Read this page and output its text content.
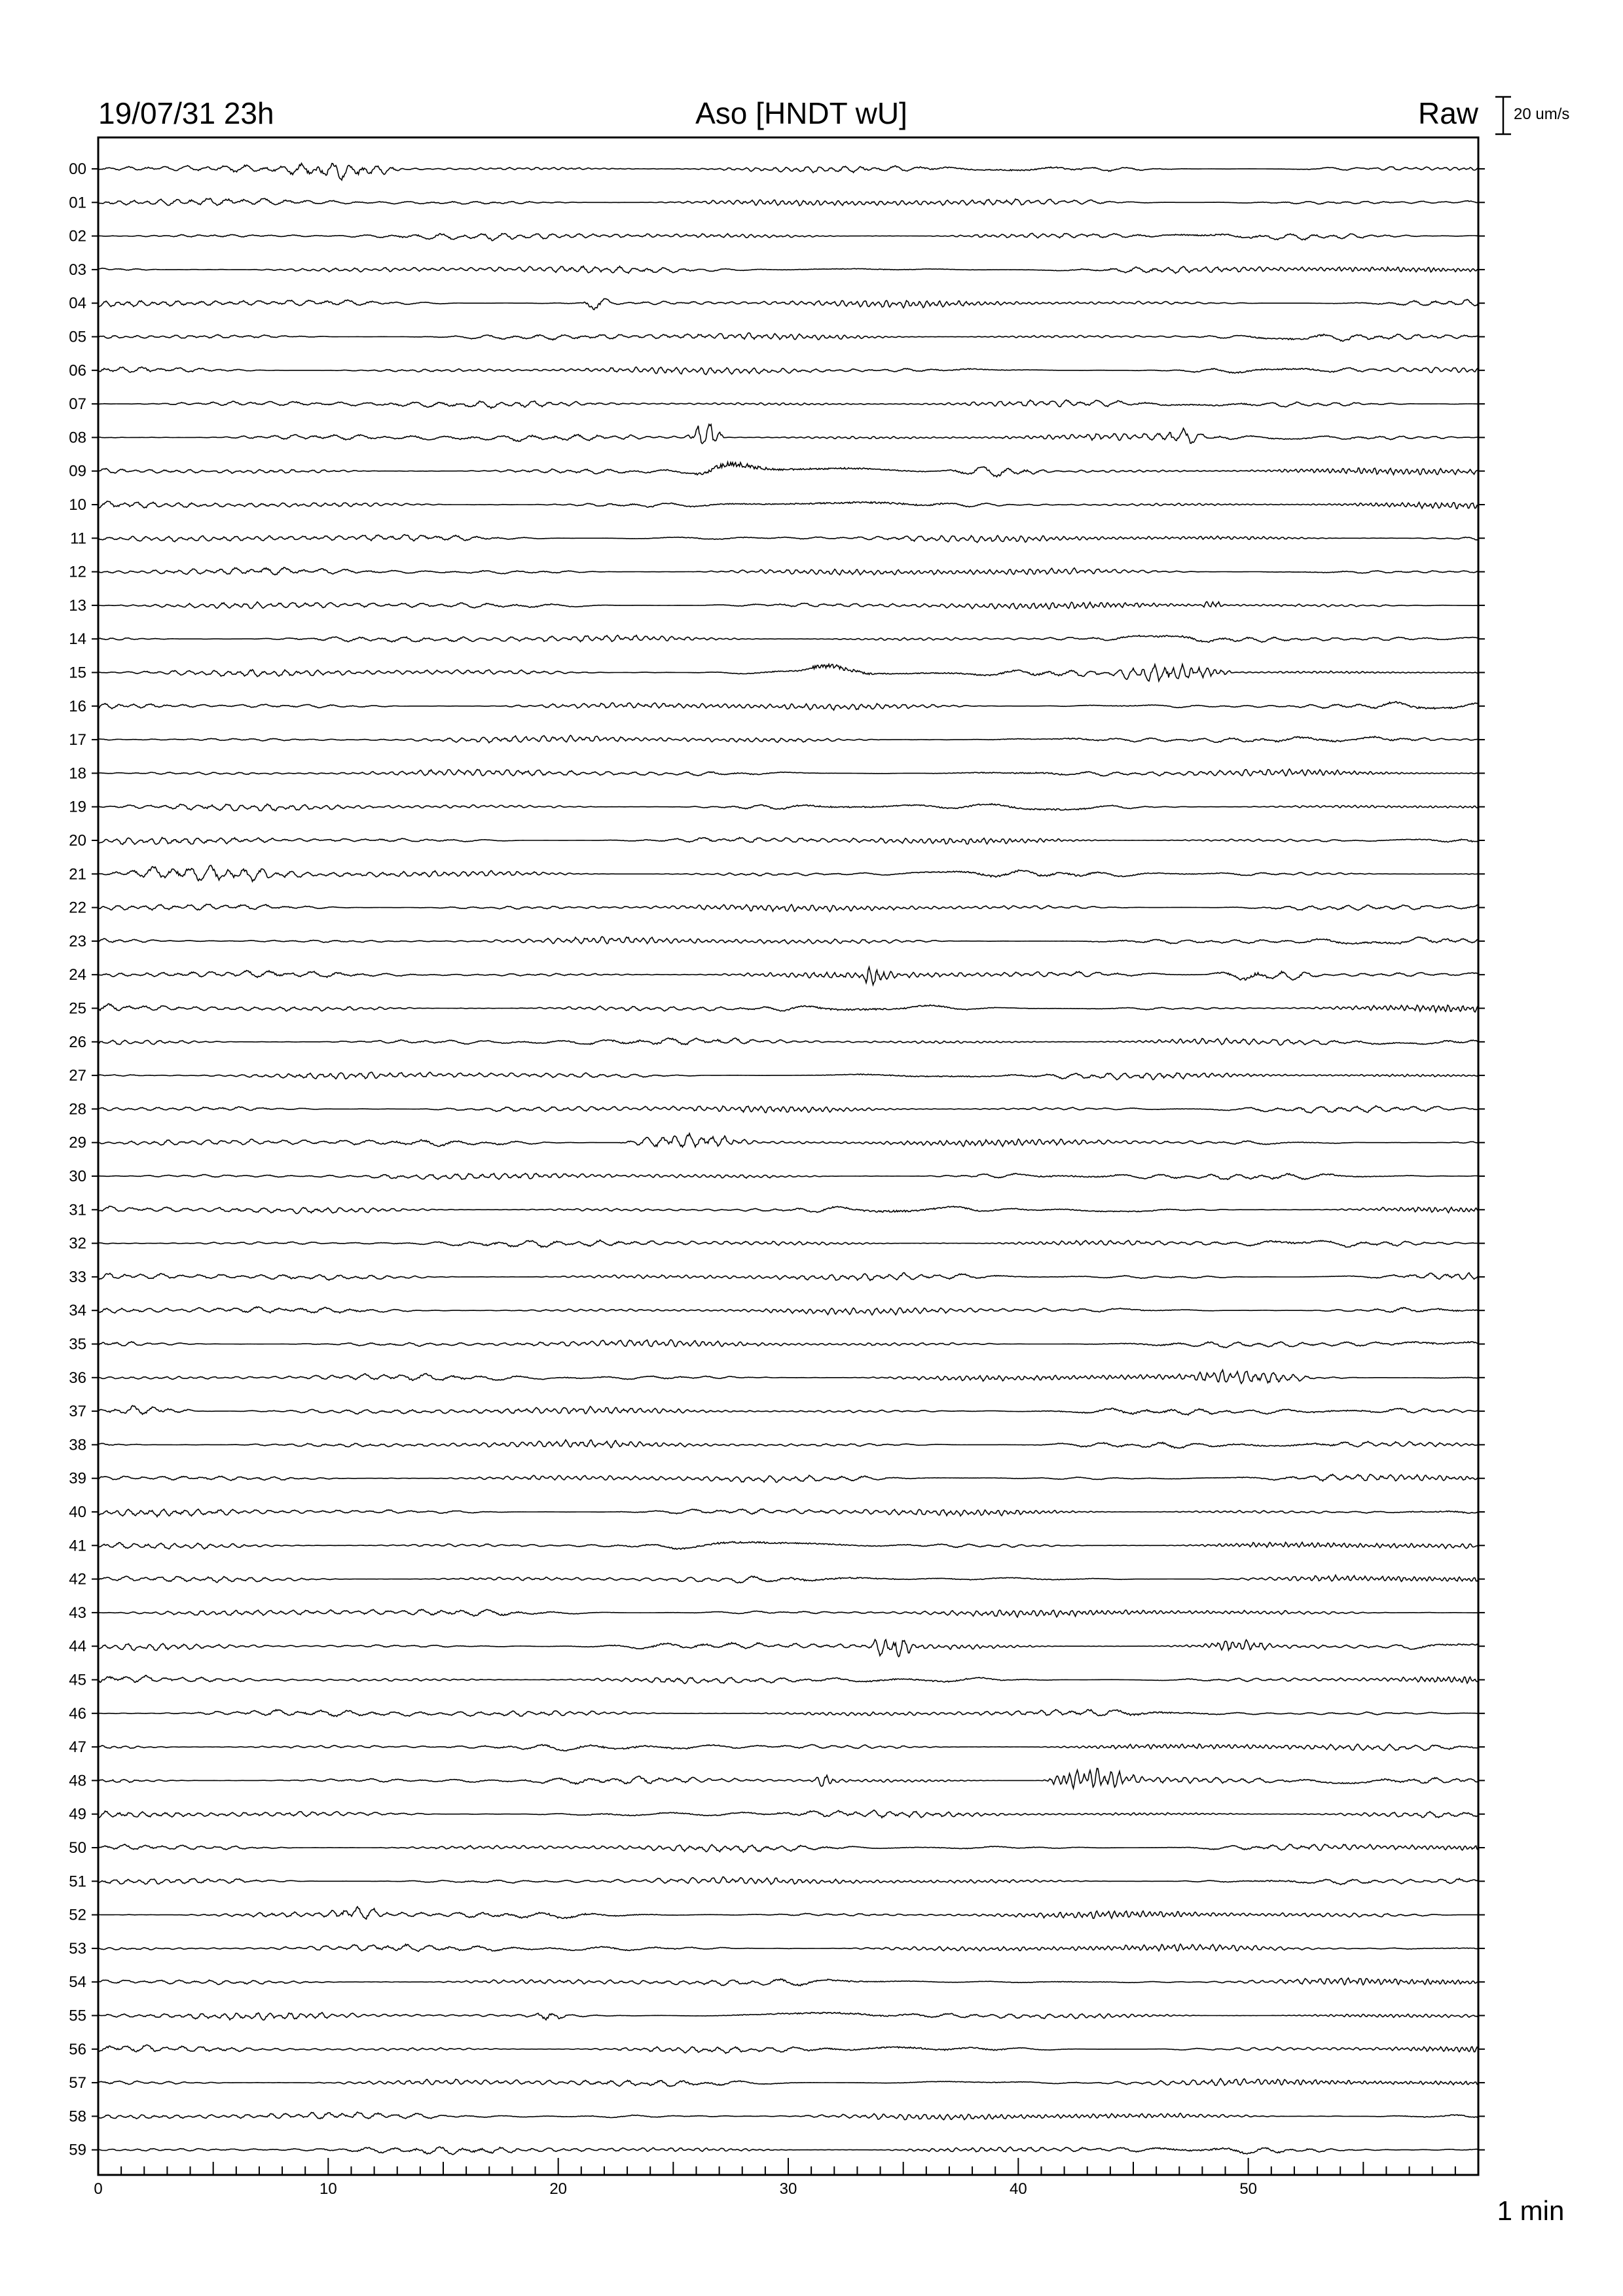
19/07/31 23h	Aso [HNDT wU]	Raw 20 um/s
00
01
02
03
04
05
06
07
08
09
10
11
12
13
14
15
16
17
18
19
20
21
22
23
24
25
26
27
28
29
30
31
32
33
34
35
36
37
38
39
40
41
42
43
44
45
46
47
48
49
50
51
52
53
54
55
56
57
58
59
0	10	20	30	40	50
1 min
